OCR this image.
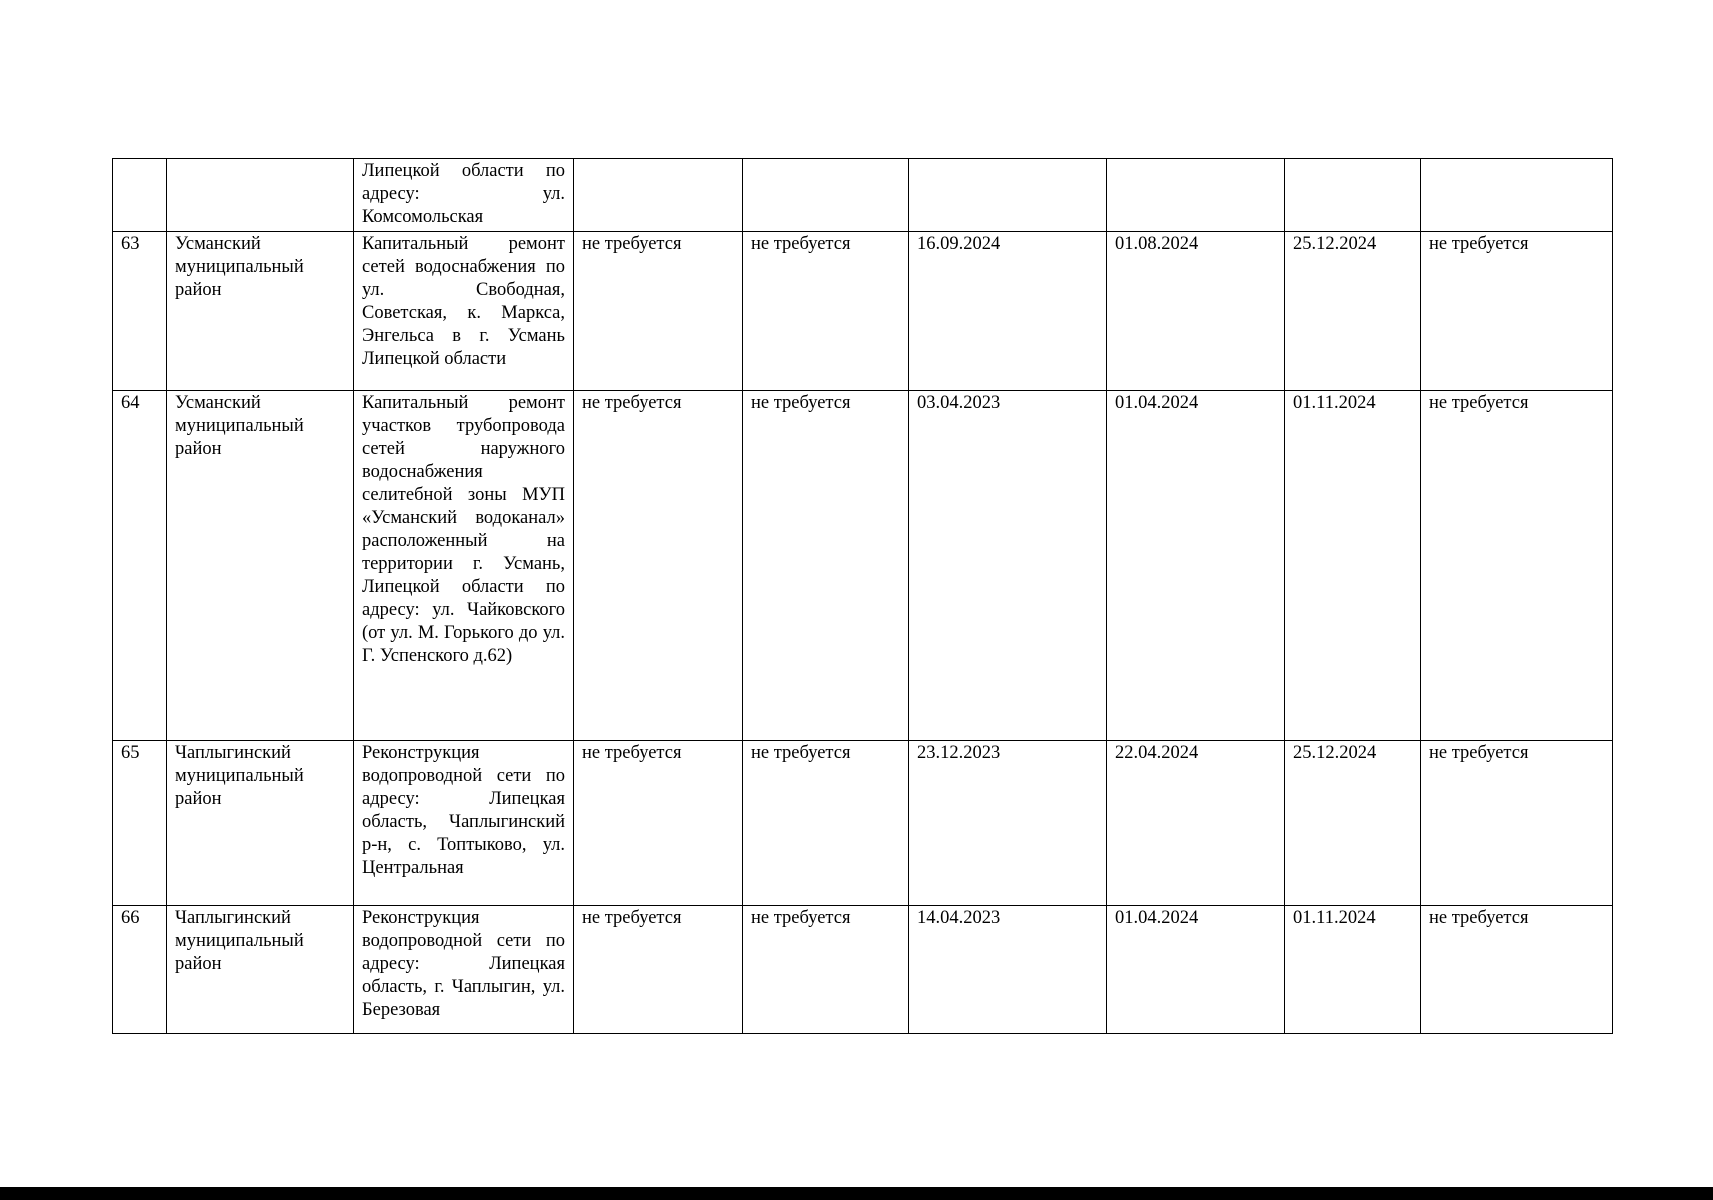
		Липецкой области по адресу: ул. Комсомольская						
63	Усманский муниципальный район	Капитальный ремонт сетей водоснабжения по ул. Свободная, Советская, к. Маркса, Энгельса в г. Усмань Липецкой области	не требуется	не требуется	16.09.2024	01.08.2024	25.12.2024	не требуется
64	Усманский муниципальный район	Капитальный ремонт участков трубопровода сетей наружного водоснабжения селитебной зоны МУП «Усманский водоканал» расположенный на территории г. Усмань, Липецкой области по адресу: ул. Чайковского (от ул. М. Горького до ул. Г. Успенского д.62)	не требуется	не требуется	03.04.2023	01.04.2024	01.11.2024	не требуется
65	Чаплыгинский муниципальный район	Реконструкция водопроводной сети по адресу: Липецкая область, Чаплыгинский р-н, с. Топтыково, ул. Центральная	не требуется	не требуется	23.12.2023	22.04.2024	25.12.2024	не требуется
66	Чаплыгинский муниципальный район	Реконструкция водопроводной сети по адресу: Липецкая область, г. Чаплыгин, ул. Березовая	не требуется	не требуется	14.04.2023	01.04.2024	01.11.2024	не требуется
